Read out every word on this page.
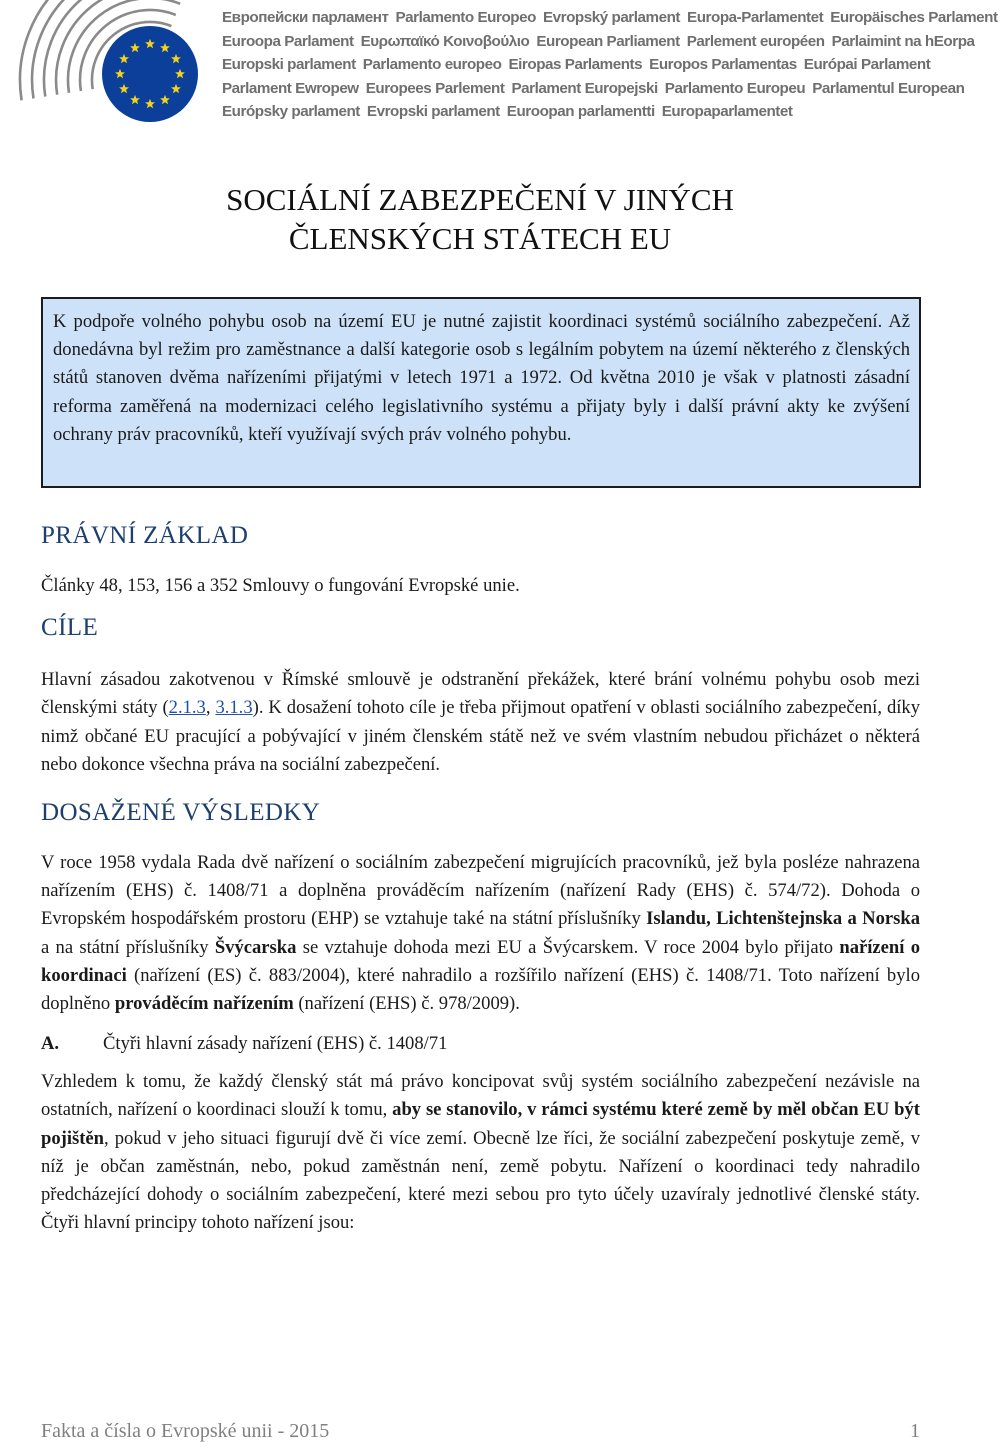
Европейски парламент Parlamento Europeo Evropský parlament Europa-Parlamentet Europäisches Parlament
Euroopa Parlament Ευρωπαϊκό Κοινοβούλιο European Parliament Parlement européen Parlaimint na hEorpa
Europski parlament Parlamento europeo Eiropas Parlaments Europos Parlamentas Európai Parlament
Parlament Ewropew Europees Parlement Parlament Europejski Parlamento Europeu Parlamentul European
Európsky parlament Evropski parlament Euroopan parlamentti Europaparlamentet
SOCIÁLNÍ ZABEZPEČENÍ V JINÝCH
ČLENSKÝCH STÁTECH EU
K podpoře volného pohybu osob na území EU je nutné zajistit koordinaci systémů sociálního zabezpečení. Až donedávna byl režim pro zaměstnance a další kategorie osob s legálním pobytem na území některého z členských států stanoven dvěma nařízeními přijatými v letech 1971 a 1972. Od května 2010 je však v platnosti zásadní reforma zaměřená na modernizaci celého legislativního systému a přijaty byly i další právní akty ke zvýšení ochrany práv pracovníků, kteří využívají svých práv volného pohybu.
PRÁVNÍ ZÁKLAD

Články 48, 153, 156 a 352 Smlouvy o fungování Evropské unie.

CÍLE

Hlavní zásadou zakotvenou v Římské smlouvě je odstranění překážek, které brání volnému pohybu osob mezi členskými státy (2.1.3, 3.1.3). K dosažení tohoto cíle je třeba přijmout opatření v oblasti sociálního zabezpečení, díky nimž občané EU pracující a pobývající v jiném členském státě než ve svém vlastním nebudou přicházet o některá nebo dokonce všechna práva na sociální zabezpečení.

DOSAŽENÉ VÝSLEDKY

V roce 1958 vydala Rada dvě nařízení o sociálním zabezpečení migrujících pracovníků, jež byla posléze nahrazena nařízením (EHS) č. 1408/71 a doplněna prováděcím nařízením (nařízení Rady (EHS) č. 574/72). Dohoda o Evropském hospodářském prostoru (EHP) se vztahuje také na státní příslušníky Islandu, Lichtenštejnska a Norska a na státní příslušníky Švýcarska se vztahuje dohoda mezi EU a Švýcarskem. V roce 2004 bylo přijato nařízení o koordinaci (nařízení (ES) č. 883/2004), které nahradilo a rozšířilo nařízení (EHS) č. 1408/71. Toto nařízení bylo doplněno prováděcím nařízením (nařízení (EHS) č. 978/2009).

A. Čtyři hlavní zásady nařízení (EHS) č. 1408/71

Vzhledem k tomu, že každý členský stát má právo koncipovat svůj systém sociálního zabezpečení nezávisle na ostatních, nařízení o koordinaci slouží k tomu, aby se stanovilo, v rámci systému které země by měl občan EU být pojištěn, pokud v jeho situaci figurují dvě či více zemí. Obecně lze říci, že sociální zabezpečení poskytuje země, v níž je občan zaměstnán, nebo, pokud zaměstnán není, země pobytu. Nařízení o koordinaci tedy nahradilo předcházející dohody o sociálním zabezpečení, které mezi sebou pro tyto účely uzavíraly jednotlivé členské státy. Čtyři hlavní principy tohoto nařízení jsou:

Fakta a čísla o Evropské unii - 2015	1
